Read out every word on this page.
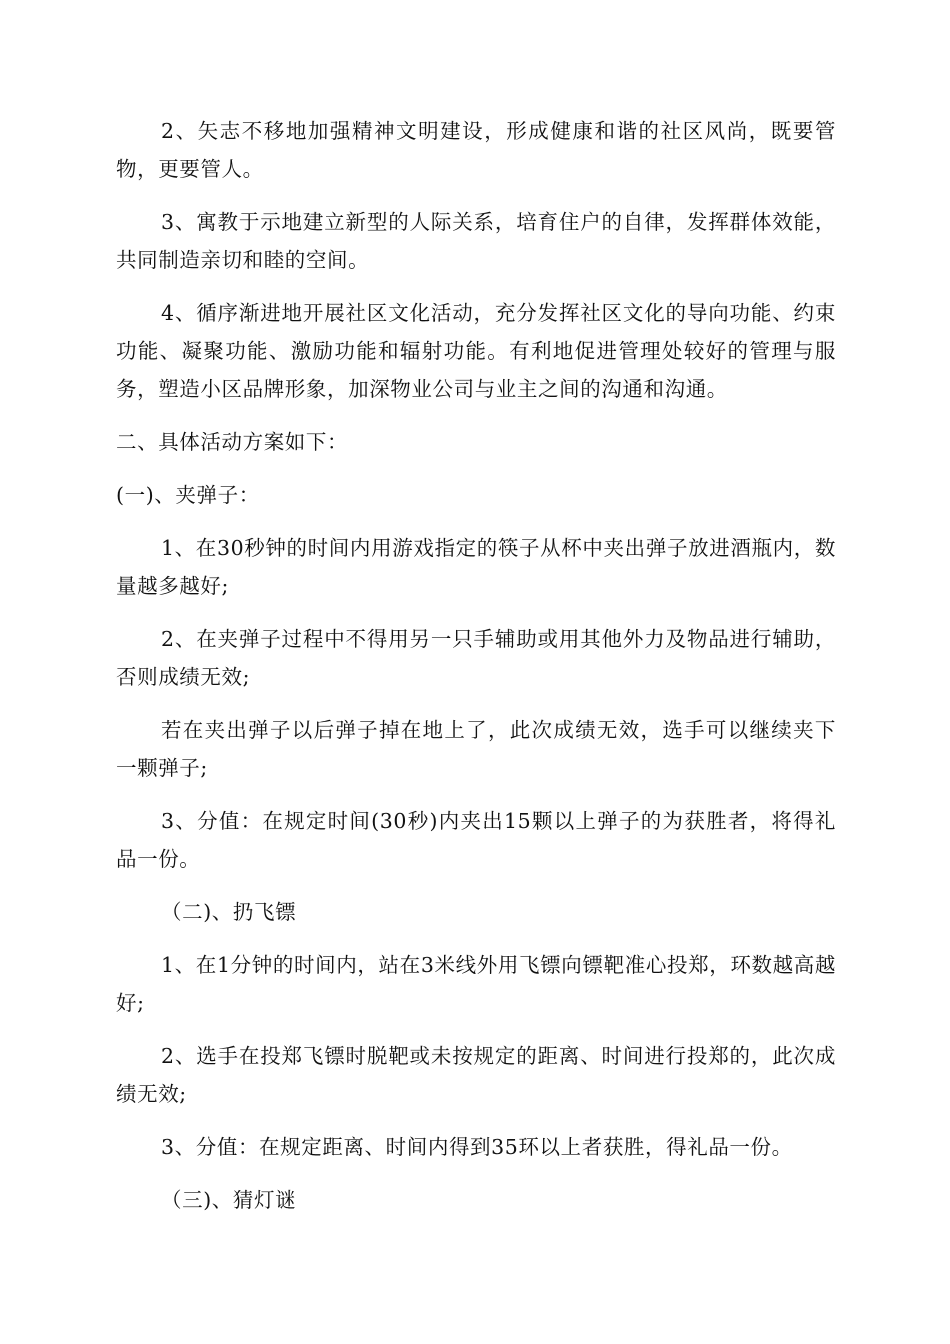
2、矢志不移地加强精神文明建设，形成健康和谐的社区风尚，既要管物，更要管人。

3、寓教于示地建立新型的人际关系，培育住户的自律，发挥群体效能，共同制造亲切和睦的空间。

4、循序渐进地开展社区文化活动，充分发挥社区文化的导向功能、约束功能、凝聚功能、激励功能和辐射功能。有利地促进管理处较好的管理与服务，塑造小区品牌形象，加深物业公司与业主之间的沟通和沟通。

二、具体活动方案如下：

(一)、夹弹子：

1、在30秒钟的时间内用游戏指定的筷子从杯中夹出弹子放进酒瓶内，数量越多越好;

2、在夹弹子过程中不得用另一只手辅助或用其他外力及物品进行辅助，否则成绩无效;

若在夹出弹子以后弹子掉在地上了，此次成绩无效，选手可以继续夹下一颗弹子;

3、分值：在规定时间(30秒)内夹出15颗以上弹子的为获胜者，将得礼品一份。

（二)、扔飞镖

1、在1分钟的时间内，站在3米线外用飞镖向镖靶准心投郑，环数越高越好;

2、选手在投郑飞镖时脱靶或未按规定的距离、时间进行投郑的，此次成绩无效;

3、分值：在规定距离、时间内得到35环以上者获胜，得礼品一份。

（三)、猜灯谜
